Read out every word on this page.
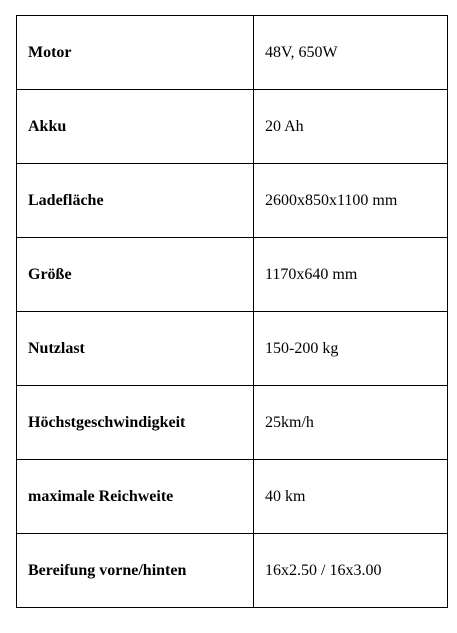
Motor	48V, 650W
Akku	20 Ah
Ladefläche	2600x850x1100 mm
Größe	1170x640 mm
Nutzlast	150-200 kg
Höchstgeschwindigkeit	25km/h
maximale Reichweite	40 km
Bereifung vorne/hinten	16x2.50 / 16x3.00
